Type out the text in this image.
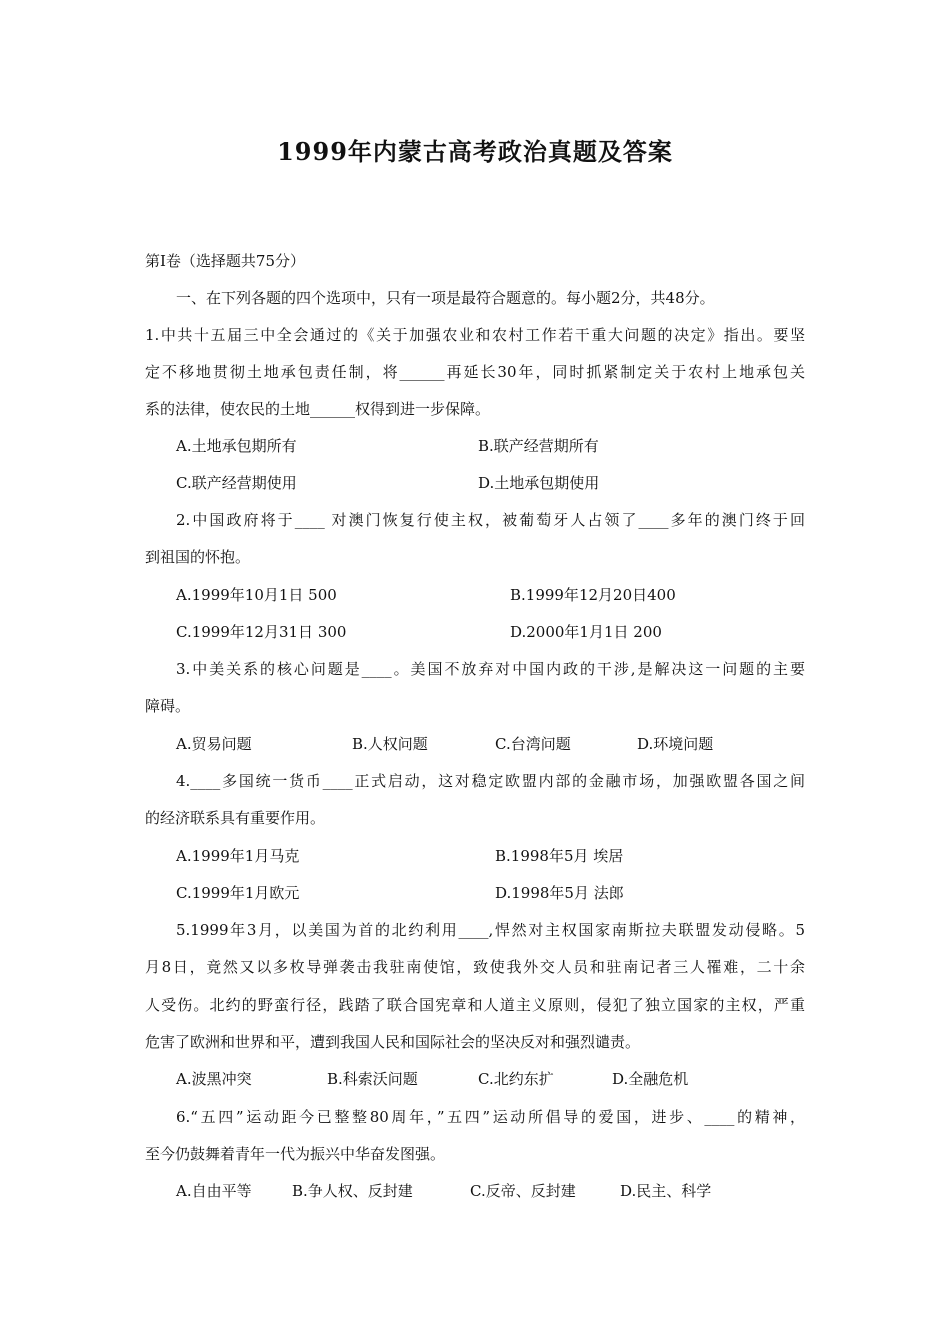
1999年内蒙古高考政治真题及答案
第Ⅰ卷（选择题共75分）
一、在下列各题的四个选项中，只有一项是最符合题意的。每小题2分，共48分。
1.中共十五届三中全会通过的《关于加强农业和农村工作若干重大问题的决定》指出。要坚
定不移地贯彻土地承包责任制，将______再延长30年，同时抓紧制定关于农村上地承包关
系的法律，使农民的土地______权得到进一步保障。
A.土地承包期所有	B.联产经营期所有
C.联产经营期使用	D.土地承包期使用
2.中国政府将于____ 对澳门恢复行使主权，被葡萄牙人占领了____多年的澳门终于回
到祖国的怀抱。
A.1999年10月1日 500	B.1999年12月20日400
C.1999年12月31日 300	D.2000年1月1日 200
3.中美关系的核心问题是____。美国不放弃对中国内政的干涉,是解决这一问题的主要
障碍。
A.贸易问题	B.人权问题	C.台湾问题	D.环境问题
4.____多国统一货币____正式启动，这对稳定欧盟内部的金融市场，加强欧盟各国之间
的经济联系具有重要作用。
A.1999年1月马克	B.1998年5月 埃居
C.1999年1月欧元	D.1998年5月 法郎
5.1999年3月，以美国为首的北约利用____,悍然对主权国家南斯拉夫联盟发动侵略。5
月8日，竟然又以多枚导弹袭击我驻南使馆，致使我外交人员和驻南记者三人罹难，二十余
人受伤。北约的野蛮行径，践踏了联合国宪章和人道主义原则，侵犯了独立国家的主权，严重
危害了欧洲和世界和平，遭到我国人民和国际社会的坚决反对和强烈谴责。
A.波黑冲突	B.科索沃问题	C.北约东扩	D.全融危机
6.“五四”运动距今已整整80周年，”五四”运动所倡导的爱国，进步、____的精神，
至今仍鼓舞着青年一代为振兴中华奋发图强。
A.自由平等	B.争人权、反封建	C.反帝、反封建	D.民主、科学
